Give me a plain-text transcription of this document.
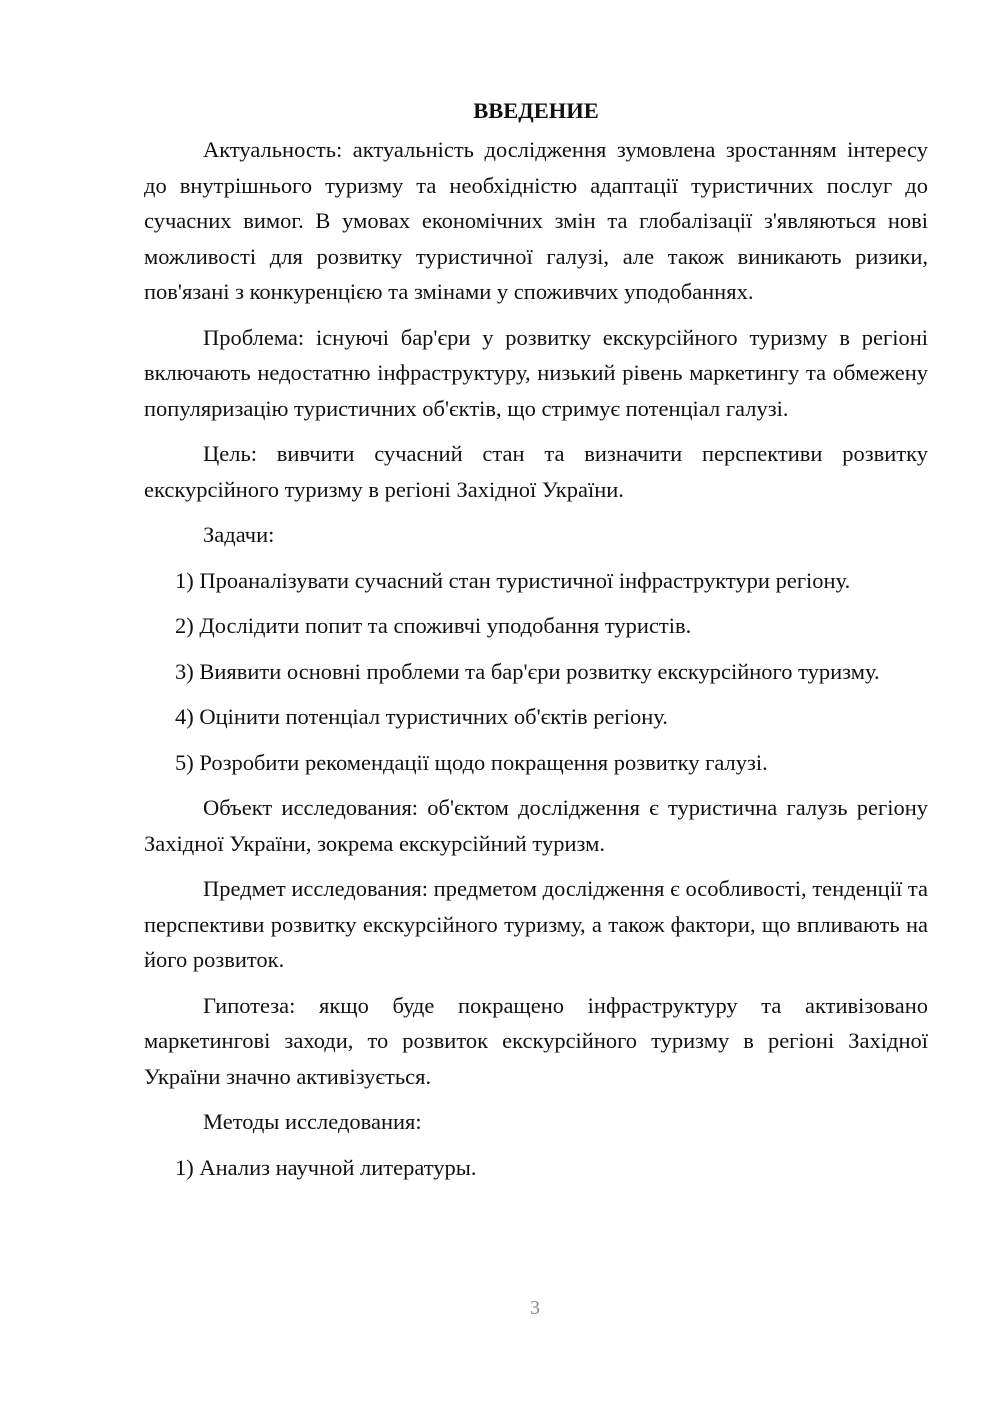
ВВЕДЕНИЕ

Актуальность: актуальність дослідження зумовлена зростанням інтересу до внутрішнього туризму та необхідністю адаптації туристичних послуг до сучасних вимог. В умовах економічних змін та глобалізації з'являються нові можливості для розвитку туристичної галузі, але також виникають ризики, пов'язані з конкуренцією та змінами у споживчих уподобаннях.

Проблема: існуючі бар'єри у розвитку екскурсійного туризму в регіоні включають недостатню інфраструктуру, низький рівень маркетингу та обмежену популяризацію туристичних об'єктів, що стримує потенціал галузі.

Цель: вивчити сучасний стан та визначити перспективи розвитку екскурсійного туризму в регіоні Західної України.

Задачи:

1) Проаналізувати сучасний стан туристичної інфраструктури регіону.

2) Дослідити попит та споживчі уподобання туристів.

3) Виявити основні проблеми та бар'єри розвитку екскурсійного туризму.

4) Оцінити потенціал туристичних об'єктів регіону.

5) Розробити рекомендації щодо покращення розвитку галузі.

Объект исследования: об'єктом дослідження є туристична галузь регіону Західної України, зокрема екскурсійний туризм.

Предмет исследования: предметом дослідження є особливості, тенденції та перспективи розвитку екскурсійного туризму, а також фактори, що впливають на його розвиток.

Гипотеза: якщо буде покращено інфраструктуру та активізовано маркетингові заходи, то розвиток екскурсійного туризму в регіоні Західної України значно активізується.

Методы исследования:

1) Анализ научной литературы.

3
